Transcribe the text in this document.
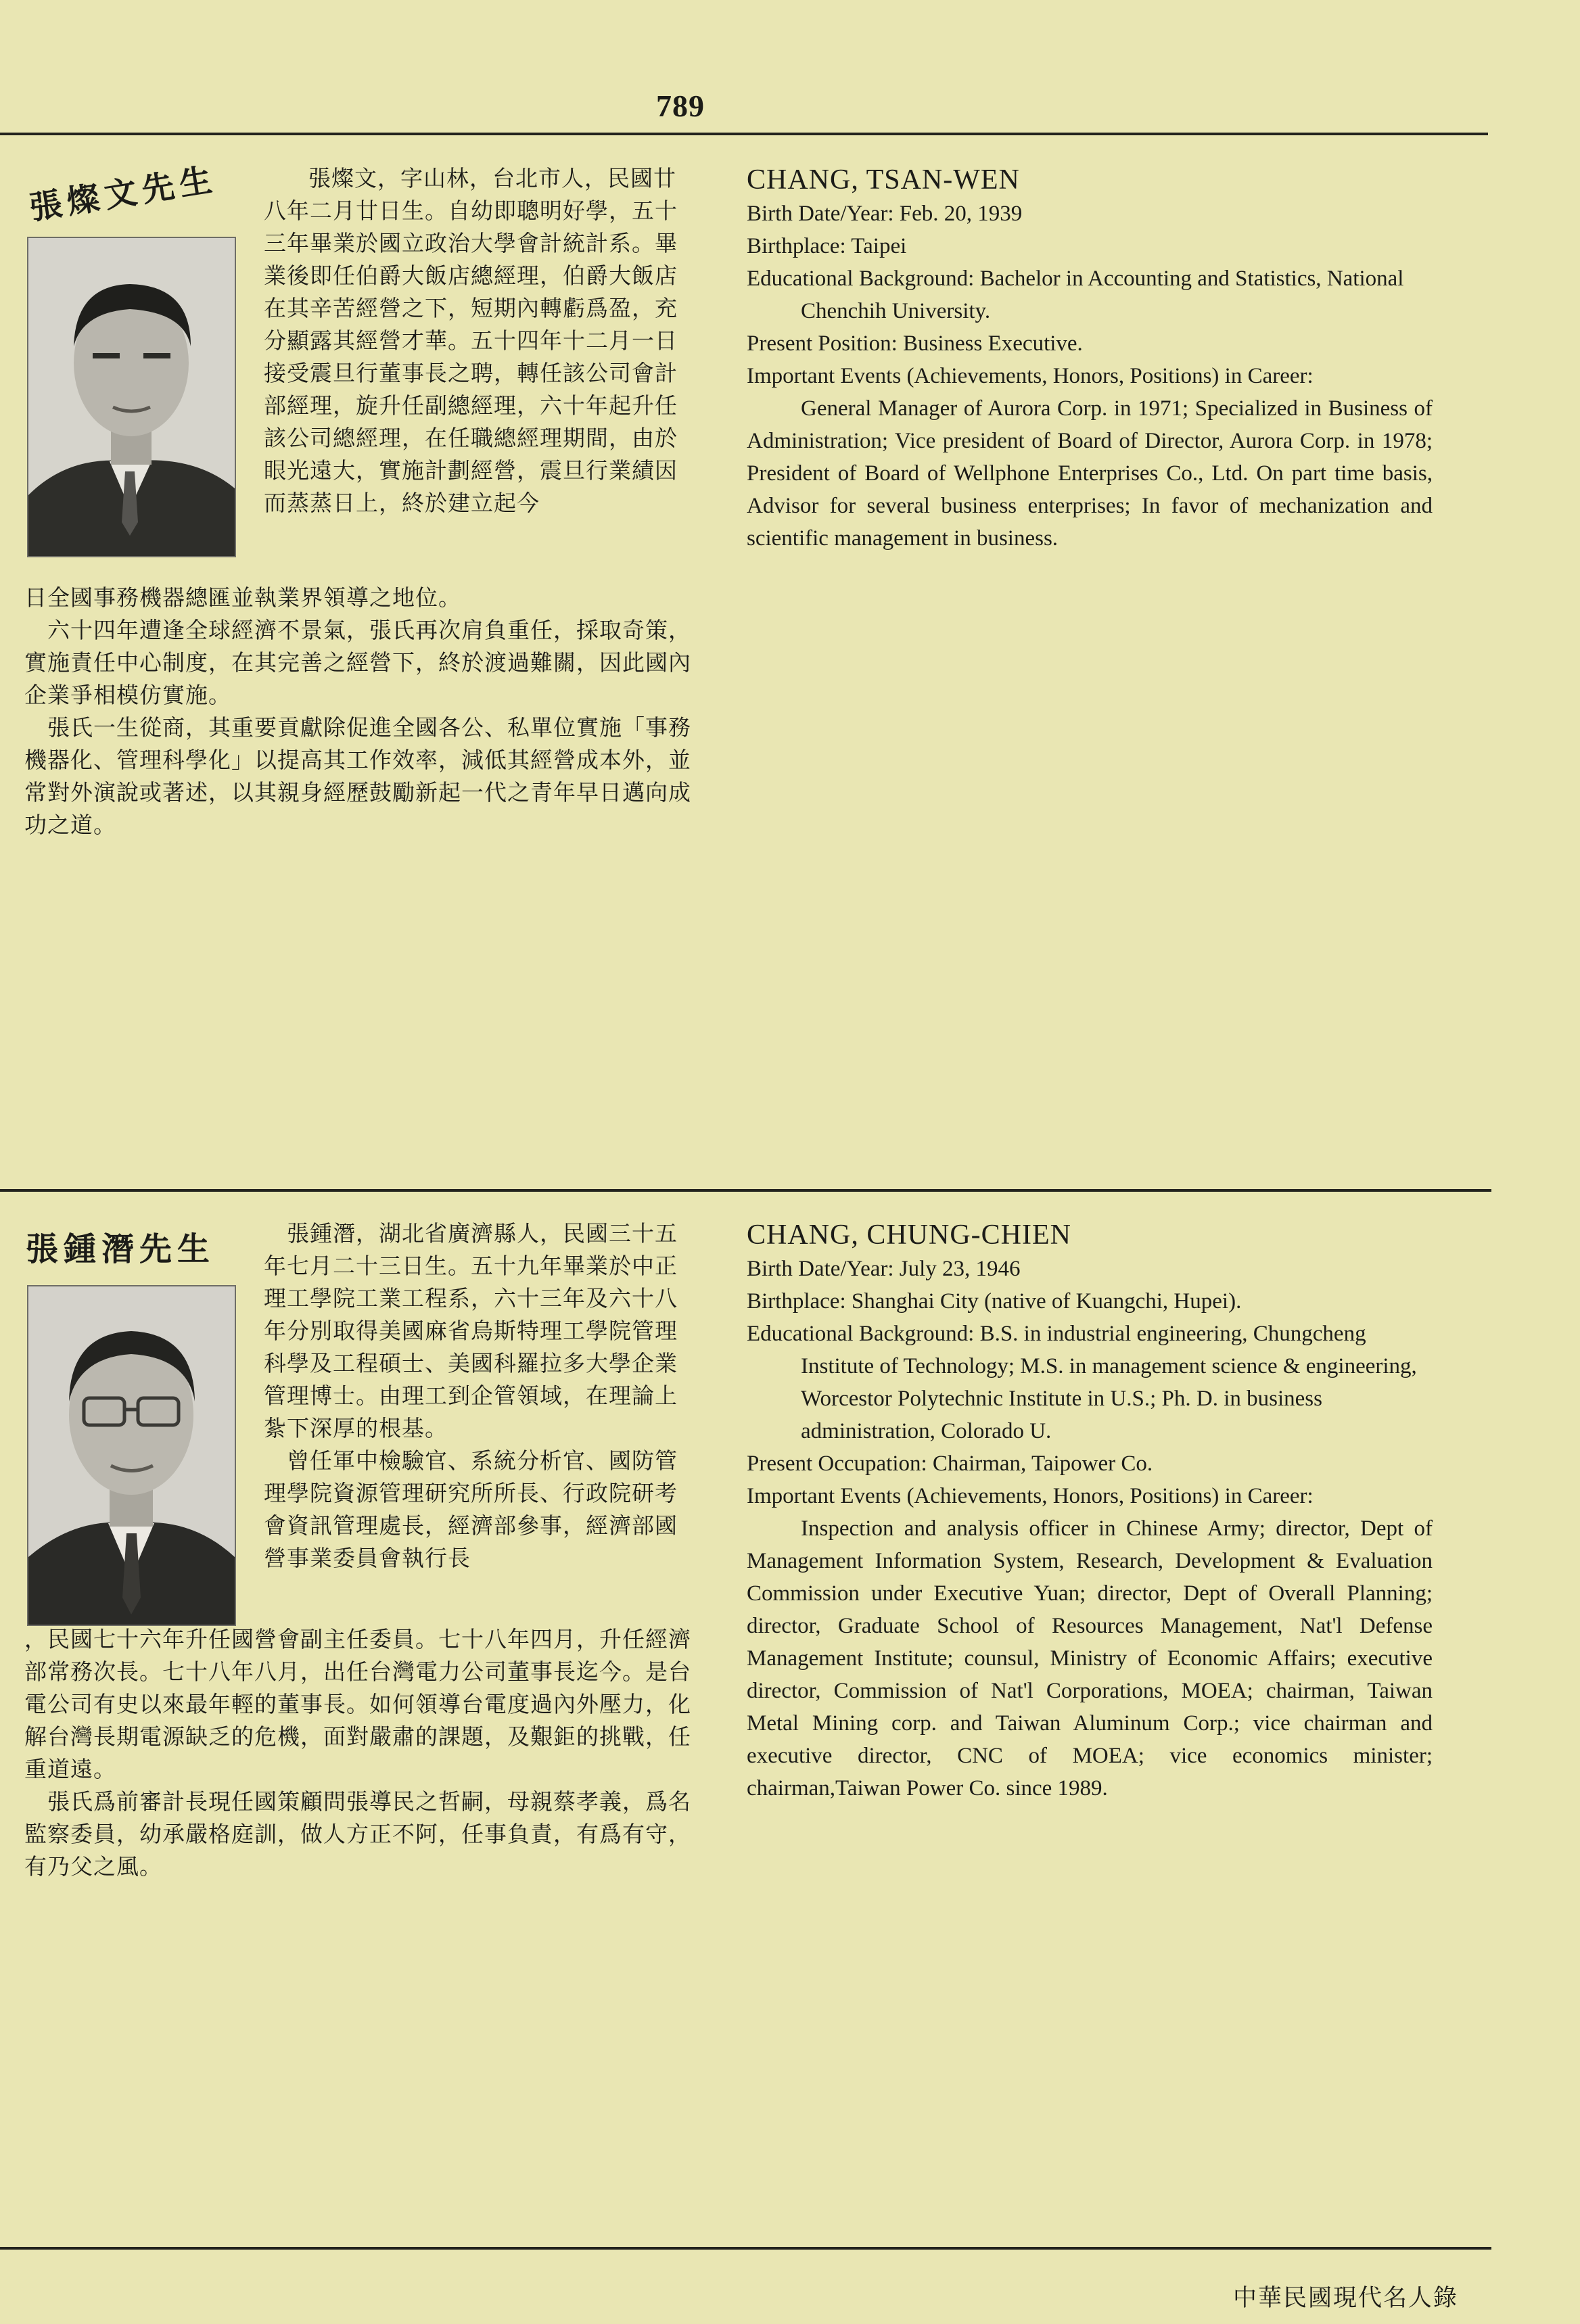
789
張燦文先生	張燦文，字山林，台北市人，民國廿八年二月廿日生。自幼即聰明好學，五十三年畢業於國立政治大學會計統計系。畢業後即任伯爵大飯店總經理，伯爵大飯店在其辛苦經營之下，短期內轉虧爲盈，充分顯露其經營才華。五十四年十二月一日接受震旦行董事長之聘，轉任該公司會計部經理，旋升任副總經理，六十年起升任該公司總經理，在任職總經理期間，由於眼光遠大，實施計劃經營，震旦行業績因而蒸蒸日上，終於建立起今

日全國事務機器總匯並執業界領導之地位。

　六十四年遭逢全球經濟不景氣，張氏再次肩負重任，採取奇策，實施責任中心制度，在其完善之經營下，終於渡過難關，因此國內企業爭相模仿實施。

　張氏一生從商，其重要貢獻除促進全國各公、私單位實施「事務機器化、管理科學化」以提高其工作效率，減低其經營成本外，並常對外演說或著述，以其親身經歷鼓勵新起一代之青年早日邁向成功之道。

CHANG, TSAN-WEN

Birth Date/Year: Feb. 20, 1939

Birthplace: Taipei

Educational Background: Bachelor in Accounting and Statistics, National Chenchih University.

Present Position: Business Executive.

Important Events (Achievements, Honors, Positions) in Career:

General Manager of Aurora Corp. in 1971; Specialized in Business of Administration; Vice president of Board of Director, Aurora Corp. in 1978; President of Board of Wellphone Enterprises Co., Ltd. On part time basis, Advisor for several business enterprises; In favor of mechanization and scientific management in business.

張鍾潛先生 　張鍾潛，湖北省廣濟縣人，民國三十五年七月二十三日生。五十九年畢業於中正理工學院工業工程系，六十三年及六十八年分別取得美國麻省烏斯特理工學院管理科學及工程碩士、美國科羅拉多大學企業管理博士。由理工到企管領域，在理論上紮下深厚的根基。

　曾任軍中檢驗官、系統分析官、國防管理學院資源管理研究所所長、行政院研考會資訊管理處長，經濟部參事，經濟部國營事業委員會執行長

，民國七十六年升任國營會副主任委員。七十八年四月，升任經濟部常務次長。七十八年八月，出任台灣電力公司董事長迄今。是台電公司有史以來最年輕的董事長。如何領導台電度過內外壓力，化解台灣長期電源缺乏的危機，面對嚴肅的課題，及艱鉅的挑戰，任重道遠。

　張氏爲前審計長現任國策顧問張導民之哲嗣，母親蔡孝義，爲名監察委員，幼承嚴格庭訓，做人方正不阿，任事負責，有爲有守，有乃父之風。

CHANG, CHUNG-CHIEN

Birth Date/Year: July 23, 1946

Birthplace: Shanghai City (native of Kuangchi, Hupei).

Educational Background: B.S. in industrial engineering, Chungcheng Institute of Technology; M.S. in management science & engineering, Worcestor Polytechnic Institute in U.S.; Ph. D. in business administration, Colorado U.

Present Occupation: Chairman, Taipower Co.

Important Events (Achievements, Honors, Positions) in Career:

Inspection and analysis officer in Chinese Army; director, Dept of Management Information System, Research, Development & Evaluation Commission under Executive Yuan; director, Dept of Overall Planning; director, Graduate School of Resources Management, Nat'l Defense Management Institute; counsul, Ministry of Economic Affairs; executive director, Commission of Nat'l Corporations, MOEA; chairman, Taiwan Metal Mining corp. and Taiwan Aluminum Corp.; vice chairman and executive director, CNC of MOEA; vice economics minister; chairman,Taiwan Power Co. since 1989.

中華民國現代名人錄
